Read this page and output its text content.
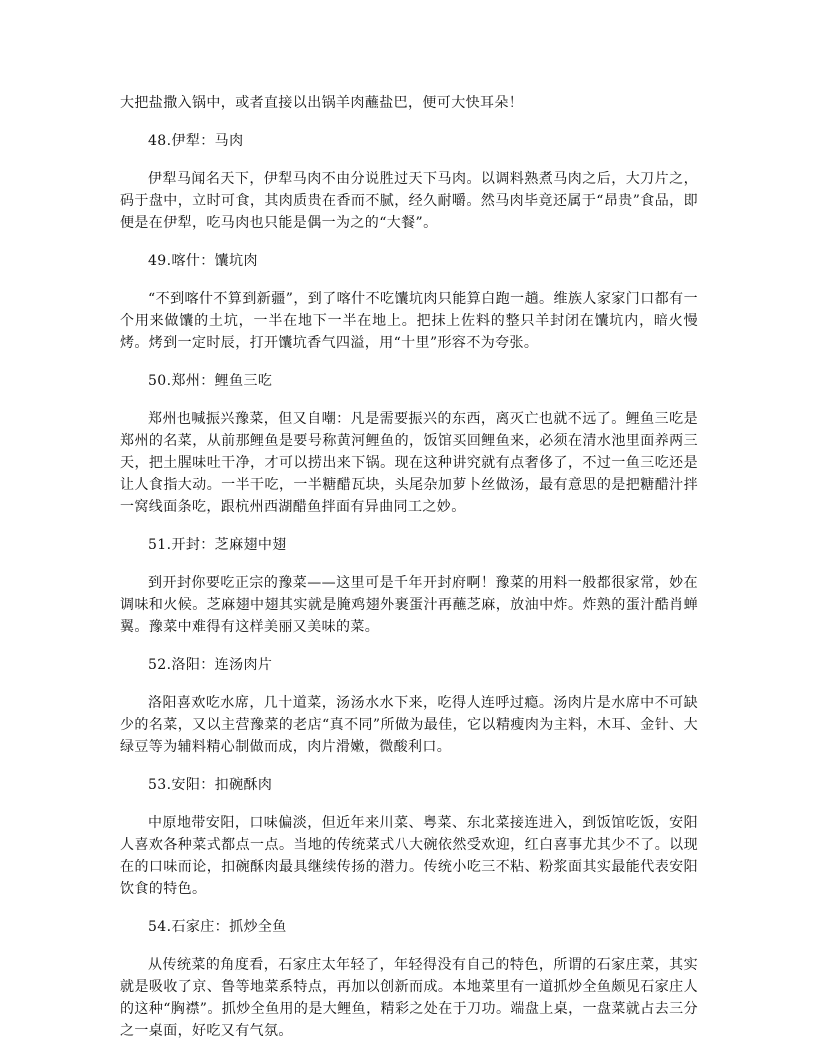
大把盐撒入锅中，或者直接以出锅羊肉蘸盐巴，便可大快耳朵！

48.伊犁：马肉

伊犁马闻名天下，伊犁马肉不由分说胜过天下马肉。以调料熟煮马肉之后，大刀片之，码于盘中，立时可食，其肉质贵在香而不腻，经久耐嚼。然马肉毕竟还属于“昂贵”食品，即便是在伊犁，吃马肉也只能是偶一为之的“大餐”。

49.喀什：馕坑肉

“不到喀什不算到新疆”，到了喀什不吃馕坑肉只能算白跑一趟。维族人家家门口都有一个用来做馕的土坑，一半在地下一半在地上。把抹上佐料的整只羊封闭在馕坑内，暗火慢烤。烤到一定时辰，打开馕坑香气四溢，用“十里”形容不为夸张。

50.郑州：鲤鱼三吃

郑州也喊振兴豫菜，但又自嘲：凡是需要振兴的东西，离灭亡也就不远了。鲤鱼三吃是郑州的名菜，从前那鲤鱼是要号称黄河鲤鱼的，饭馆买回鲤鱼来，必须在清水池里面养两三天，把土腥味吐干净，才可以捞出来下锅。现在这种讲究就有点奢侈了，不过一鱼三吃还是让人食指大动。一半干吃，一半糖醋瓦块，头尾杂加萝卜丝做汤，最有意思的是把糖醋汁拌一窝线面条吃，跟杭州西湖醋鱼拌面有异曲同工之妙。

51.开封：芝麻翅中翅

到开封你要吃正宗的豫菜——这里可是千年开封府啊！豫菜的用料一般都很家常，妙在调味和火候。芝麻翅中翅其实就是腌鸡翅外裹蛋汁再蘸芝麻，放油中炸。炸熟的蛋汁酷肖蝉翼。豫菜中难得有这样美丽又美味的菜。

52.洛阳：连汤肉片

洛阳喜欢吃水席，几十道菜，汤汤水水下来，吃得人连呼过瘾。汤肉片是水席中不可缺少的名菜，又以主营豫菜的老店“真不同”所做为最佳，它以精瘦肉为主料，木耳、金针、大绿豆等为辅料精心制做而成，肉片滑嫩，微酸利口。

53.安阳：扣碗酥肉

中原地带安阳，口味偏淡，但近年来川菜、粤菜、东北菜接连进入，到饭馆吃饭，安阳人喜欢各种菜式都点一点。当地的传统菜式八大碗依然受欢迎，红白喜事尤其少不了。以现在的口味而论，扣碗酥肉最具继续传扬的潜力。传统小吃三不粘、粉浆面其实最能代表安阳饮食的特色。

54.石家庄：抓炒全鱼

从传统菜的角度看，石家庄太年轻了，年轻得没有自己的特色，所谓的石家庄菜，其实就是吸收了京、鲁等地菜系特点，再加以创新而成。本地菜里有一道抓炒全鱼颇见石家庄人的这种“胸襟”。抓炒全鱼用的是大鲤鱼，精彩之处在于刀功。端盘上桌，一盘菜就占去三分之一桌面，好吃又有气氛。
